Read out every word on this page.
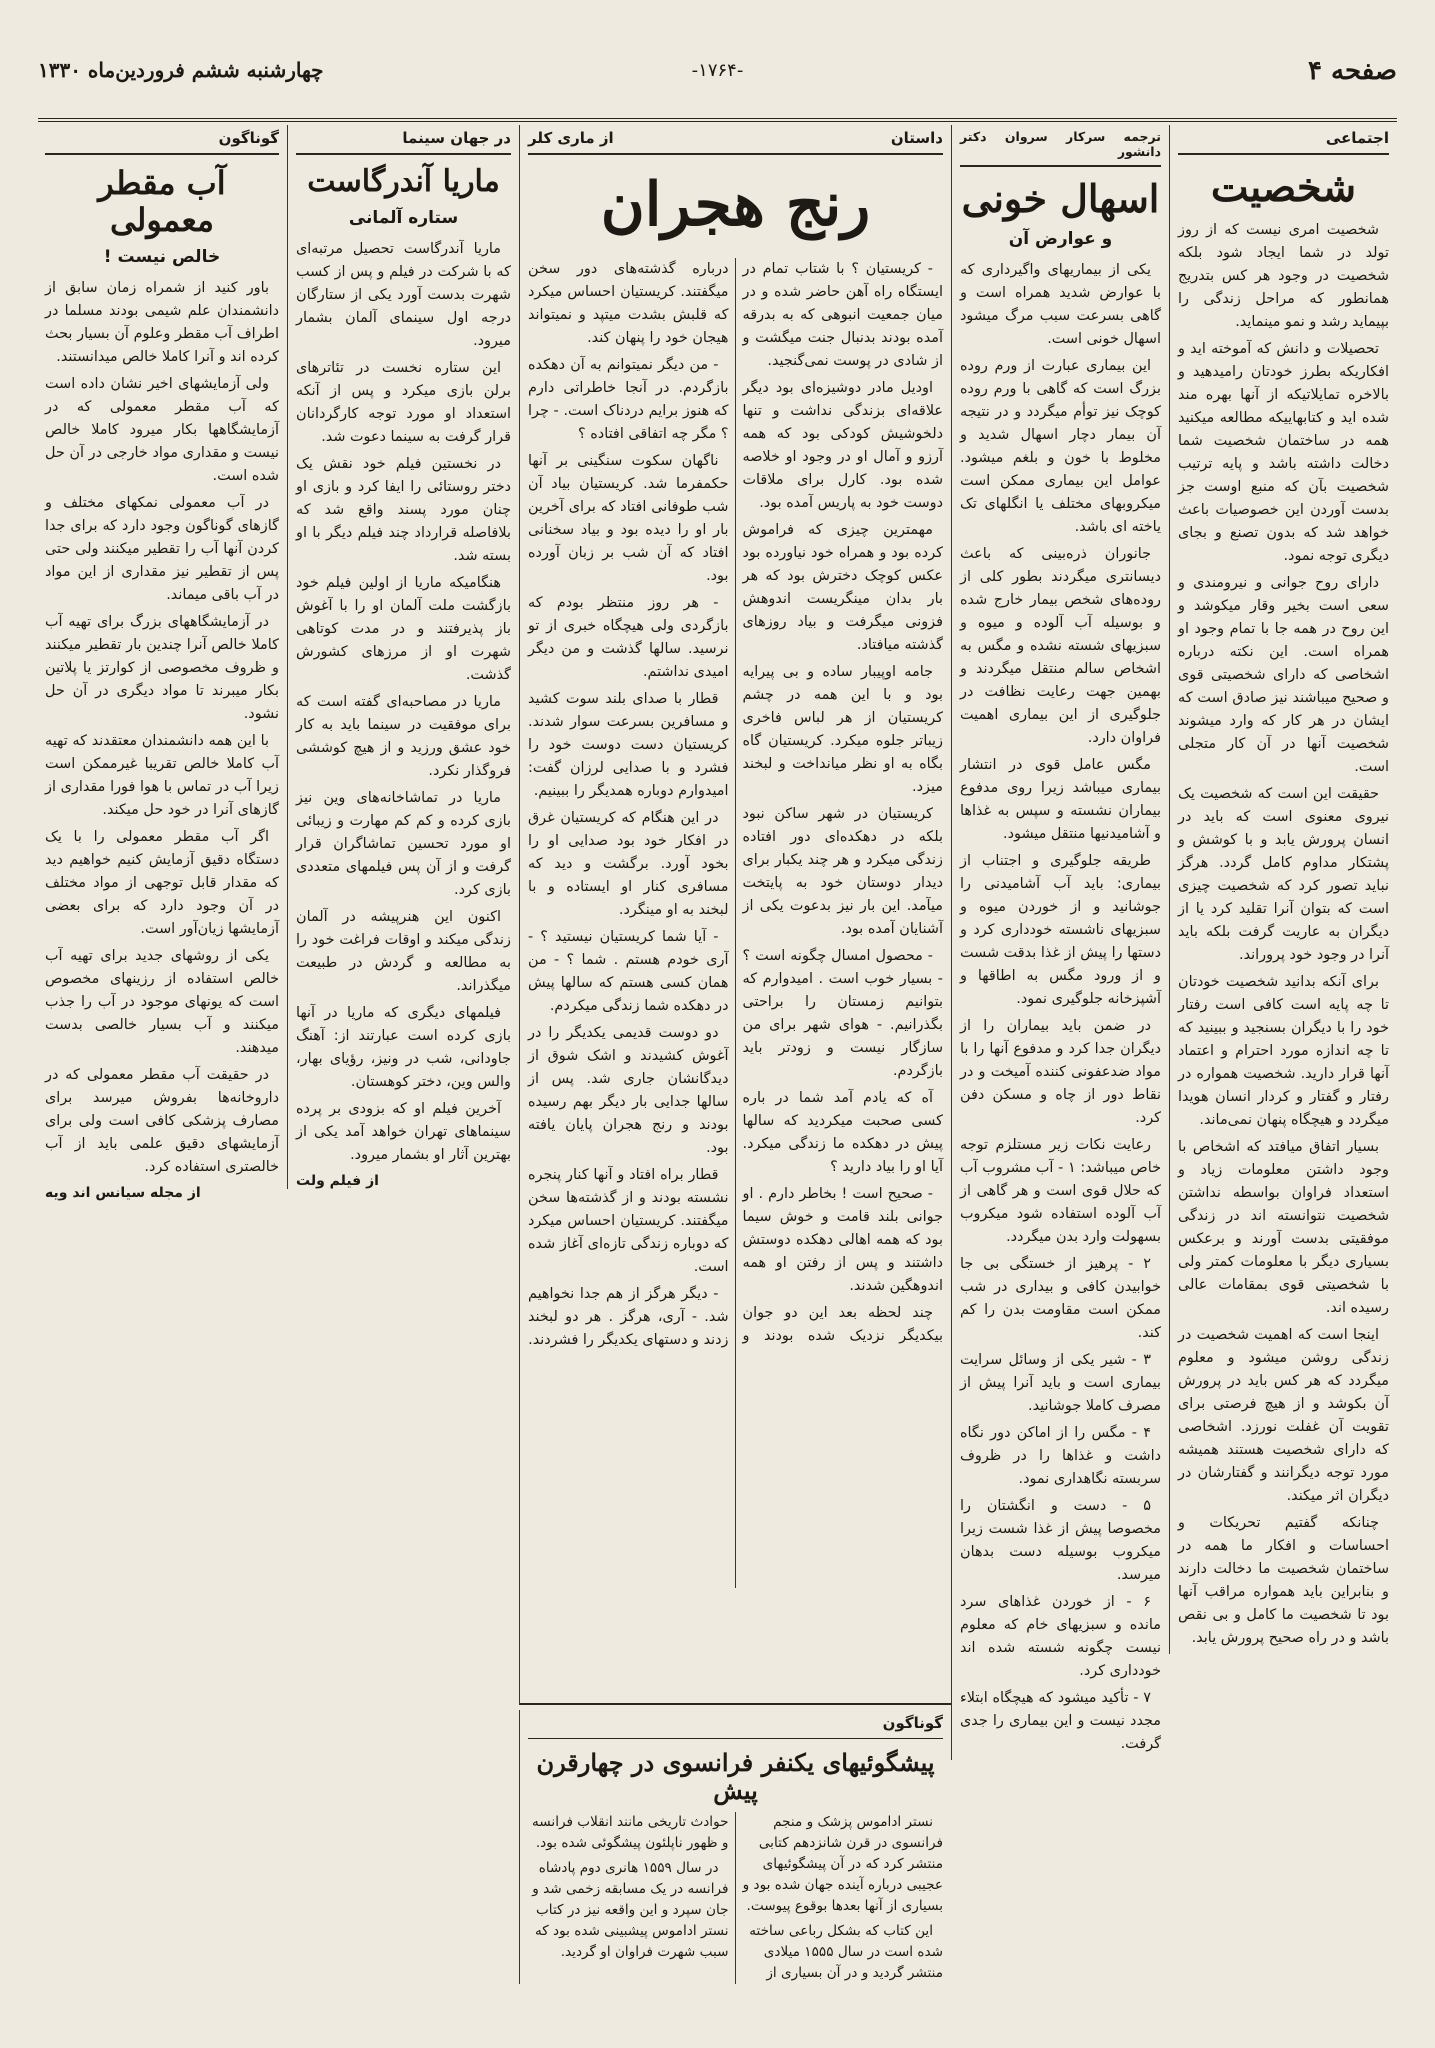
صفحه ۴
-۱۷۶۴-
چهارشنبه ششم فروردین‌ماه ۱۳۳۰
اجتماعی
شخصیت

شخصیت امری نیست که از روز تولد در شما ایجاد شود بلکه شخصیت در وجود هر کس بتدریج همانطور که مراحل زندگی را بپیماید رشد و نمو مینماید.

تحصیلات و دانش که آموخته اید و افکاریکه بطرز خودتان رامیدهید و بالاخره تمایلاتیکه از آنها بهره مند شده اید و کتابهاییکه مطالعه میکنید همه در ساختمان شخصیت شما دخالت داشته باشد و پایه ترتیب شخصیت بآن که منبع اوست جز بدست آوردن این خصوصیات باعث خواهد شد که بدون تصنع و بجای دیگری توجه نمود.

دارای روح جوانی و نیرومندی و سعی است بخیر وقار میکوشد و این روح در همه جا با تمام وجود او همراه است. این نکته درباره اشخاصی که دارای شخصیتی قوی و صحیح میباشند نیز صادق است که ایشان در هر کار که وارد میشوند شخصیت آنها در آن کار متجلی است.

حقیقت این است که شخصیت یک نیروی معنوی است که باید در انسان پرورش یابد و با کوشش و پشتکار مداوم کامل گردد. هرگز نباید تصور کرد که شخصیت چیزی است که بتوان آنرا تقلید کرد یا از دیگران به عاریت گرفت بلکه باید آنرا در وجود خود پروراند.

برای آنکه بدانید شخصیت خودتان تا چه پایه است کافی است رفتار خود را با دیگران بسنجید و ببینید که تا چه اندازه مورد احترام و اعتماد آنها قرار دارید. شخصیت همواره در رفتار و گفتار و کردار انسان هویدا میگردد و هیچگاه پنهان نمی‌ماند.

بسیار اتفاق میافتد که اشخاص با وجود داشتن معلومات زیاد و استعداد فراوان بواسطه نداشتن شخصیت نتوانسته اند در زندگی موفقیتی بدست آورند و برعکس بسیاری دیگر با معلومات کمتر ولی با شخصیتی قوی بمقامات عالی رسیده اند.

اینجا است که اهمیت شخصیت در زندگی روشن میشود و معلوم میگردد که هر کس باید در پرورش آن بکوشد و از هیچ فرصتی برای تقویت آن غفلت نورزد. اشخاصی که دارای شخصیت هستند همیشه مورد توجه دیگرانند و گفتارشان در دیگران اثر میکند.

چنانکه گفتیم تحریکات و احساسات و افکار ما همه در ساختمان شخصیت ما دخالت دارند و بنابراین باید همواره مراقب آنها بود تا شخصیت ما کامل و بی نقص باشد و در راه صحیح پرورش یابد.

ترجمه سرکار سروان دکتر دانشور
اسهال خونی
و عوارض آن

یکی از بیماریهای واگیرداری که با عوارض شدید همراه است و گاهی بسرعت سبب مرگ میشود اسهال خونی است.

این بیماری عبارت از ورم روده بزرگ است که گاهی با ورم روده کوچک نیز توأم میگردد و در نتیجه آن بیمار دچار اسهال شدید و مخلوط با خون و بلغم میشود. عوامل این بیماری ممکن است میکروبهای مختلف یا انگلهای تک یاخته ای باشد.

جانوران ذره‌بینی که باعث دیسانتری میگردند بطور کلی از روده‌های شخص بیمار خارج شده و بوسیله آب آلوده و میوه و سبزیهای شسته نشده و مگس به اشخاص سالم منتقل میگردند و بهمین جهت رعایت نظافت در جلوگیری از این بیماری اهمیت فراوان دارد.

مگس عامل قوی در انتشار بیماری میباشد زیرا روی مدفوع بیماران نشسته و سپس به غذاها و آشامیدنیها منتقل میشود.

طریقه جلوگیری و اجتناب از بیماری: باید آب آشامیدنی را جوشانید و از خوردن میوه و سبزیهای ناشسته خودداری کرد و دستها را پیش از غذا بدقت شست و از ورود مگس به اطاقها و آشپزخانه جلوگیری نمود.

در ضمن باید بیماران را از دیگران جدا کرد و مدفوع آنها را با مواد ضدعفونی کننده آمیخت و در نقاط دور از چاه و مسکن دفن کرد.

رعایت نکات زیر مستلزم توجه خاص میباشد: ۱ - آب مشروب آب که حلال قوی است و هر گاهی از آب آلوده استفاده شود میکروب بسهولت وارد بدن میگردد.

۲ - پرهیز از خستگی بی جا خوابیدن کافی و بیداری در شب ممکن است مقاومت بدن را کم کند.

۳ - شیر یکی از وسائل سرایت بیماری است و باید آنرا پیش از مصرف کاملا جوشانید.

۴ - مگس را از اماکن دور نگاه داشت و غذاها را در ظروف سربسته نگاهداری نمود.

۵ - دست و انگشتان را مخصوصا پیش از غذا شست زیرا میکروب بوسیله دست بدهان میرسد.

۶ - از خوردن غذاهای سرد مانده و سبزیهای خام که معلوم نیست چگونه شسته شده اند خودداری کرد.

۷ - تأکید میشود که هیچگاه ابتلاء مجدد نیست و این بیماری را جدی گرفت.

داستان
از ماری کلر
رنج هجران

- کریستیان ؟ با شتاب تمام در ایستگاه راه آهن حاضر شده و در میان جمعیت انبوهی که به بدرقه آمده بودند بدنبال جنت میگشت و از شادی در پوست نمی‌گنجید.

اودیل مادر دوشیزه‌ای بود دیگر علاقه‌ای بزندگی نداشت و تنها دلخوشیش کودکی بود که همه آرزو و آمال او در وجود او خلاصه شده بود. کارل برای ملاقات دوست خود به پاریس آمده بود.

مهمترین چیزی که فراموش کرده بود و همراه خود نیاورده بود عکس کوچک دخترش بود که هر بار بدان مینگریست اندوهش فزونی میگرفت و بیاد روزهای گذشته میافتاد.

جامه اوپیبار ساده و بی پیرایه بود و با این همه در چشم کریستیان از هر لباس فاخری زیباتر جلوه میکرد. کریستیان گاه بگاه به او نظر میانداخت و لبخند میزد.

کریستیان در شهر ساکن نبود بلکه در دهکده‌ای دور افتاده زندگی میکرد و هر چند یکبار برای دیدار دوستان خود به پایتخت میآمد. این بار نیز بدعوت یکی از آشنایان آمده بود.

- محصول امسال چگونه است ؟ - بسیار خوب است . امیدوارم که بتوانیم زمستان را براحتی بگذرانیم. - هوای شهر برای من سازگار نیست و زودتر باید بازگردم.

آه که یادم آمد شما در باره کسی صحبت میکردید که سالها پیش در دهکده ما زندگی میکرد. آیا او را بیاد دارید ؟

- صحیح است ! بخاطر دارم . او جوانی بلند قامت و خوش سیما بود که همه اهالی دهکده دوستش داشتند و پس از رفتن او همه اندوهگین شدند.

چند لحظه بعد این دو جوان بیکدیگر نزدیک شده بودند و درباره گذشته‌های دور سخن میگفتند. کریستیان احساس میکرد که قلبش بشدت میتپد و نمیتواند هیجان خود را پنهان کند.

- من دیگر نمیتوانم به آن دهکده بازگردم. در آنجا خاطراتی دارم که هنوز برایم دردناک است. - چرا ؟ مگر چه اتفاقی افتاده ؟

ناگهان سکوت سنگینی بر آنها حکمفرما شد. کریستیان بیاد آن شب طوفانی افتاد که برای آخرین بار او را دیده بود و بیاد سخنانی افتاد که آن شب بر زبان آورده بود.

- هر روز منتظر بودم که بازگردی ولی هیچگاه خبری از تو نرسید. سالها گذشت و من دیگر امیدی نداشتم.

قطار با صدای بلند سوت کشید و مسافرین بسرعت سوار شدند. کریستیان دست دوست خود را فشرد و با صدایی لرزان گفت: امیدوارم دوباره همدیگر را ببینیم.

در این هنگام که کریستیان غرق در افکار خود بود صدایی او را بخود آورد. برگشت و دید که مسافری کنار او ایستاده و با لبخند به او مینگرد.

- آیا شما کریستیان نیستید ؟ - آری خودم هستم . شما ؟ - من همان کسی هستم که سالها پیش در دهکده شما زندگی میکردم.

دو دوست قدیمی یکدیگر را در آغوش کشیدند و اشک شوق از دیدگانشان جاری شد. پس از سالها جدایی بار دیگر بهم رسیده بودند و رنج هجران پایان یافته بود.

قطار براه افتاد و آنها کنار پنجره نشسته بودند و از گذشته‌ها سخن میگفتند. کریستیان احساس میکرد که دوباره زندگی تازه‌ای آغاز شده است.

- دیگر هرگز از هم جدا نخواهیم شد. - آری، هرگز . هر دو لبخند زدند و دستهای یکدیگر را فشردند.

گوناگون
پیشگوئیهای یکنفر فرانسوی در چهارقرن پیش

نستر اداموس پزشک و منجم فرانسوی در قرن شانزدهم کتابی منتشر کرد که در آن پیشگوئیهای عجیبی درباره آینده جهان شده بود و بسیاری از آنها بعدها بوقوع پیوست.

این کتاب که بشکل رباعی ساخته شده است در سال ۱۵۵۵ میلادی منتشر گردید و در آن بسیاری از حوادث تاریخی مانند انقلاب فرانسه و ظهور ناپلئون پیشگوئی شده بود.

در سال ۱۵۵۹ هانری دوم پادشاه فرانسه در یک مسابقه زخمی شد و جان سپرد و این واقعه نیز در کتاب نستر اداموس پیشبینی شده بود که سبب شهرت فراوان او گردید.

در جهان سینما
ماریا آندرگاست
ستاره آلمانی

ماریا آندرگاست تحصیل مرتبه‌ای که با شرکت در فیلم و پس از کسب شهرت بدست آورد یکی از ستارگان درجه اول سینمای آلمان بشمار میرود.

این ستاره نخست در تئاترهای برلن بازی میکرد و پس از آنکه استعداد او مورد توجه کارگردانان قرار گرفت به سینما دعوت شد.

در نخستین فیلم خود نقش یک دختر روستائی را ایفا کرد و بازی او چنان مورد پسند واقع شد که بلافاصله قرارداد چند فیلم دیگر با او بسته شد.

هنگامیکه ماریا از اولین فیلم خود بازگشت ملت آلمان او را با آغوش باز پذیرفتند و در مدت کوتاهی شهرت او از مرزهای کشورش گذشت.

ماریا در مصاحبه‌ای گفته است که برای موفقیت در سینما باید به کار خود عشق ورزید و از هیچ کوششی فروگذار نکرد.

ماریا در تماشاخانه‌های وین نیز بازی کرده و کم کم مهارت و زیبائی او مورد تحسین تماشاگران قرار گرفت و از آن پس فیلمهای متعددی بازی کرد.

اکنون این هنرپیشه در آلمان زندگی میکند و اوقات فراغت خود را به مطالعه و گردش در طبیعت میگذراند.

فیلمهای دیگری که ماریا در آنها بازی کرده است عبارتند از: آهنگ جاودانی، شب در ونیز، رؤیای بهار، والس وین، دختر کوهستان.

آخرین فیلم او که بزودی بر پرده سینماهای تهران خواهد آمد یکی از بهترین آثار او بشمار میرود.

از فیلم ولت
گوناگون
آب مقطر معمولی
خالص نیست !

باور کنید از شمراه زمان سابق از دانشمندان علم شیمی بودند مسلما در اطراف آب مقطر وعلوم آن بسیار بحث کرده اند و آنرا کاملا خالص میدانستند.

ولی آزمایشهای اخیر نشان داده است که آب مقطر معمولی که در آزمایشگاهها بکار میرود کاملا خالص نیست و مقداری مواد خارجی در آن حل شده است.

در آب معمولی نمکهای مختلف و گازهای گوناگون وجود دارد که برای جدا کردن آنها آب را تقطیر میکنند ولی حتی پس از تقطیر نیز مقداری از این مواد در آب باقی میماند.

در آزمایشگاههای بزرگ برای تهیه آب کاملا خالص آنرا چندین بار تقطیر میکنند و ظروف مخصوصی از کوارتز یا پلاتین بکار میبرند تا مواد دیگری در آن حل نشود.

با این همه دانشمندان معتقدند که تهیه آب کاملا خالص تقریبا غیرممکن است زیرا آب در تماس با هوا فورا مقداری از گازهای آنرا در خود حل میکند.

اگر آب مقطر معمولی را با یک دستگاه دقیق آزمایش کنیم خواهیم دید که مقدار قابل توجهی از مواد مختلف در آن وجود دارد که برای بعضی آزمایشها زیان‌آور است.

یکی از روشهای جدید برای تهیه آب خالص استفاده از رزینهای مخصوص است که یونهای موجود در آب را جذب میکنند و آب بسیار خالصی بدست میدهند.

در حقیقت آب مقطر معمولی که در داروخانه‌ها بفروش میرسد برای مصارف پزشکی کافی است ولی برای آزمایشهای دقیق علمی باید از آب خالصتری استفاده کرد.

از مجله سیانس اند ویه
